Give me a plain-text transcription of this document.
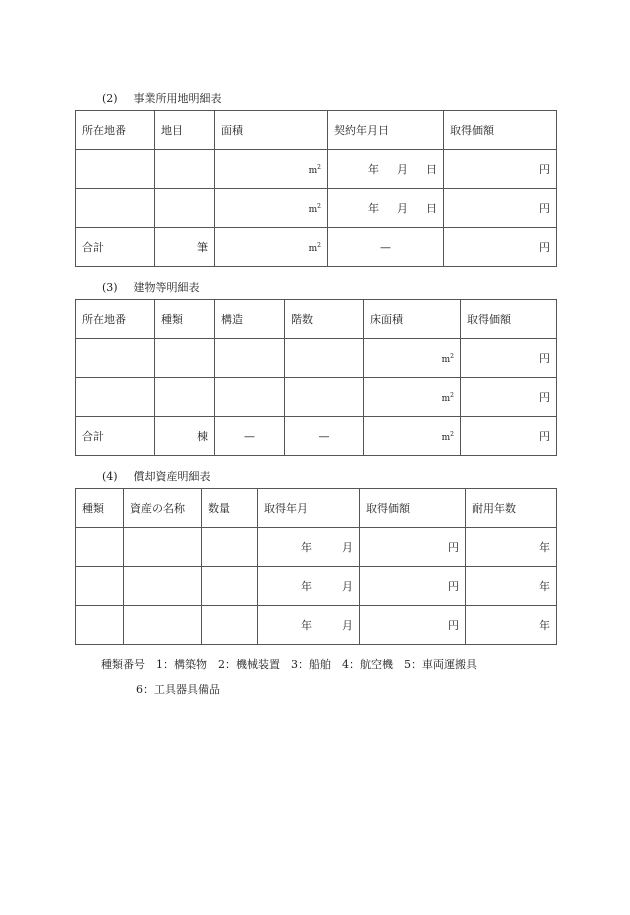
(2) 事業所用地明細表
所在地番	地目	面積	契約年月日	取得価額
		$m^2$	年 月 日	円
		$m^2$	年 月 日	円
合計	筆	$m^2$	—	円
(3) 建物等明細表
所在地番	種類	構造	階数	床面積	取得価額
				$m^2$	円
				$m^2$	円
合計	棟	—	—	$m^2$	円
(4) 償却資産明細表
種類	資産の名称	数量	取得年月	取得価額	耐用年数
			年 月	円	年
			年 月	円	年
			年 月	円	年
種類番号　1：構築物　2：機械装置　3：船舶　4：航空機　5：車両運搬具
6：工具器具備品
